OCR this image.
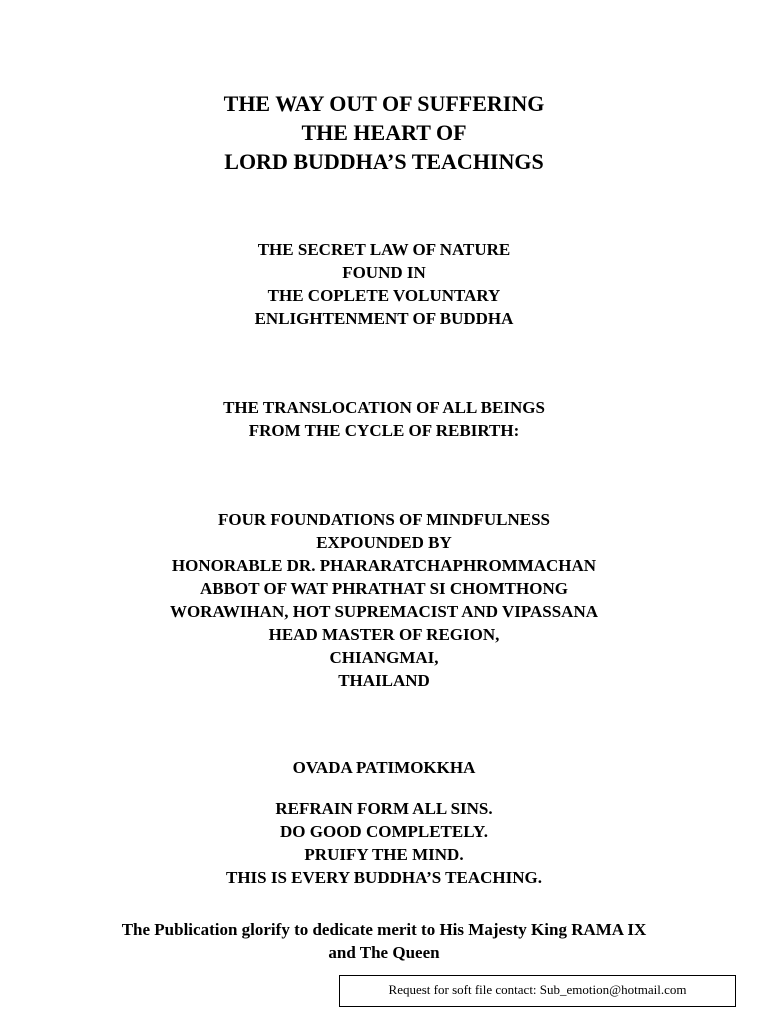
THE WAY OUT OF SUFFERING
THE HEART OF
LORD BUDDHA’S TEACHINGS
THE SECRET LAW OF NATURE
FOUND IN
THE COPLETE VOLUNTARY
ENLIGHTENMENT OF BUDDHA
THE TRANSLOCATION OF ALL BEINGS
FROM THE CYCLE OF REBIRTH:
FOUR FOUNDATIONS OF MINDFULNESS
EXPOUNDED BY
HONORABLE DR. PHARARATCHAPHROMMACHAN
ABBOT OF WAT PHRATHAT SI CHOMTHONG
WORAWIHAN, HOT SUPREMACIST AND VIPASSANA
HEAD MASTER OF REGION,
CHIANGMAI,
THAILAND
OVADA PATIMOKKHA
REFRAIN FORM ALL SINS.
DO GOOD COMPLETELY.
PRUIFY THE MIND.
THIS IS EVERY BUDDHA’S TEACHING.
The Publication glorify to dedicate merit to His Majesty King RAMA IX
and The Queen
Request for soft file contact: Sub_emotion@hotmail.com
